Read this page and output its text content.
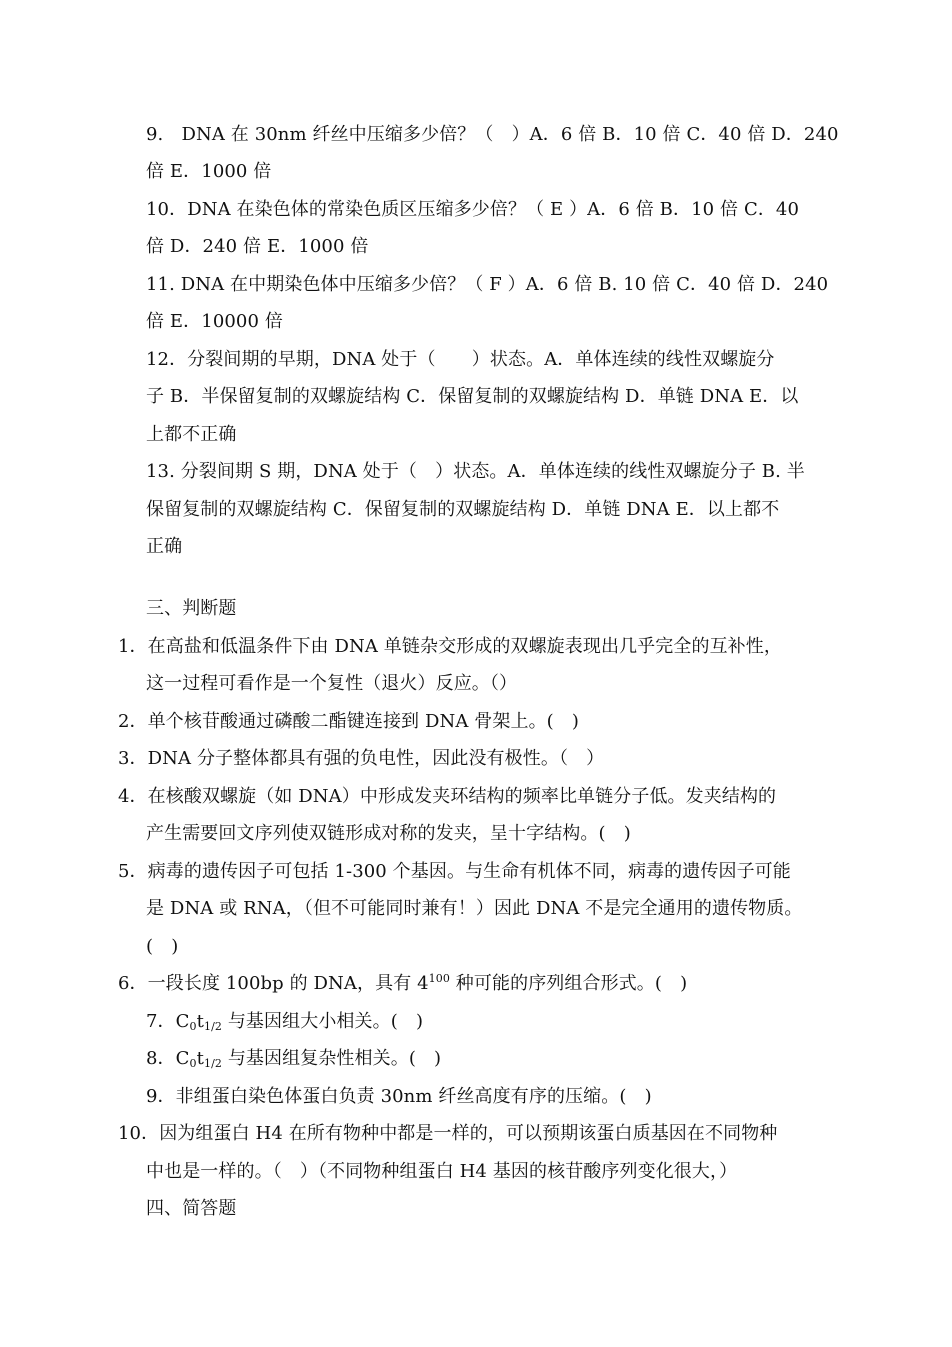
9.　DNA 在 30nm 纤丝中压缩多少倍？（　）A．6 倍 B．10 倍 C．40 倍 D．240
倍 E．1000 倍
10．DNA 在染色体的常染色质区压缩多少倍？（ E ）A．6 倍 B．10 倍 C．40
倍 D．240 倍 E．1000 倍
11. DNA 在中期染色体中压缩多少倍？（ F ）A．6 倍 B. 10 倍 C．40 倍 D．240
倍 E．10000 倍
12．分裂间期的早期，DNA 处于（　　）状态。A．单体连续的线性双螺旋分
子 B．半保留复制的双螺旋结构 C．保留复制的双螺旋结构 D．单链 DNA E．以
上都不正确
13. 分裂间期 S 期，DNA 处于（　）状态。A．单体连续的线性双螺旋分子 B. 半
保留复制的双螺旋结构 C．保留复制的双螺旋结构 D．单链 DNA E．以上都不
正确
三、判断题
1．在高盐和低温条件下由 DNA 单链杂交形成的双螺旋表现出几乎完全的互补性，
这一过程可看作是一个复性（退火）反应。（）
2．单个核苷酸通过磷酸二酯键连接到 DNA 骨架上。(　)
3．DNA 分子整体都具有强的负电性，因此没有极性。（　）
4．在核酸双螺旋（如 DNA）中形成发夹环结构的频率比单链分子低。发夹结构的
产生需要回文序列使双链形成对称的发夹，呈十字结构。(　)
5．病毒的遗传因子可包括 1-300 个基因。与生命有机体不同，病毒的遗传因子可能
是 DNA 或 RNA，（但不可能同时兼有！）因此 DNA 不是完全通用的遗传物质。
(　)
6．一段长度 100bp 的 DNA，具有 $4^{100}$ 种可能的序列组合形式。(　)
7．$C_0t_{1/2}$ 与基因组大小相关。(　)
8．$C_0t_{1/2}$ 与基因组复杂性相关。(　)
9．非组蛋白染色体蛋白负责 30nm 纤丝高度有序的压缩。(　)
10．因为组蛋白 H4 在所有物种中都是一样的，可以预期该蛋白质基因在不同物种
中也是一样的。（　）（不同物种组蛋白 H4 基因的核苷酸序列变化很大，）
四、简答题
